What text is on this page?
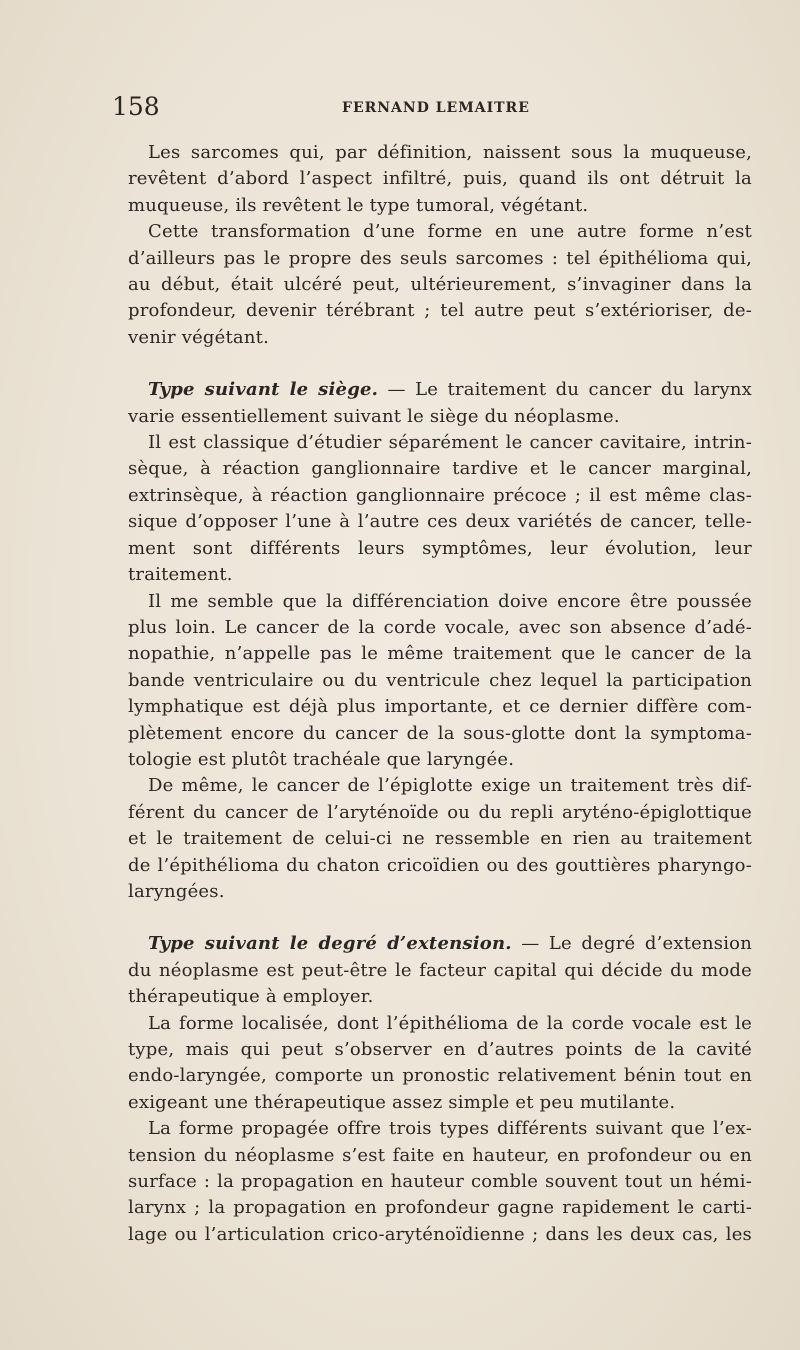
158	FERNAND LEMAITRE

Les sarcomes qui, par définition, naissent sous la muqueuse,
revêtent d’abord l’aspect infiltré, puis, quand ils ont détruit la
muqueuse, ils revêtent le type tumoral, végétant.

Cette transformation d’une forme en une autre forme n’est
d’ailleurs pas le propre des seuls sarcomes : tel épithélioma qui,
au début, était ulcéré peut, ultérieurement, s’invaginer dans la
profondeur, devenir térébrant ; tel autre peut s’extérioriser, de-
venir végétant.

Type suivant le siège. — Le traitement du cancer du larynx
varie essentiellement suivant le siège du néoplasme.

Il est classique d’étudier séparément le cancer cavitaire, intrin-
sèque, à réaction ganglionnaire tardive et le cancer marginal,
extrinsèque, à réaction ganglionnaire précoce ; il est même clas-
sique d’opposer l’une à l’autre ces deux variétés de cancer, telle-
ment sont différents leurs symptômes, leur évolution, leur
traitement.

Il me semble que la différenciation doive encore être poussée
plus loin. Le cancer de la corde vocale, avec son absence d’adé-
nopathie, n’appelle pas le même traitement que le cancer de la
bande ventriculaire ou du ventricule chez lequel la participation
lymphatique est déjà plus importante, et ce dernier diffère com-
plètement encore du cancer de la sous-glotte dont la symptoma-
tologie est plutôt trachéale que laryngée.

De même, le cancer de l’épiglotte exige un traitement très dif-
férent du cancer de l’aryténoïde ou du repli aryténo-épiglottique
et le traitement de celui-ci ne ressemble en rien au traitement
de l’épithélioma du chaton cricoïdien ou des gouttières pharyngo-
laryngées.

Type suivant le degré d’extension. — Le degré d’extension
du néoplasme est peut-être le facteur capital qui décide du mode
thérapeutique à employer.

La forme localisée, dont l’épithélioma de la corde vocale est le
type, mais qui peut s’observer en d’autres points de la cavité
endo-laryngée, comporte un pronostic relativement bénin tout en
exigeant une thérapeutique assez simple et peu mutilante.

La forme propagée offre trois types différents suivant que l’ex-
tension du néoplasme s’est faite en hauteur, en profondeur ou en
surface : la propagation en hauteur comble souvent tout un hémi-
larynx ; la propagation en profondeur gagne rapidement le carti-
lage ou l’articulation crico-aryténoïdienne ; dans les deux cas, les
